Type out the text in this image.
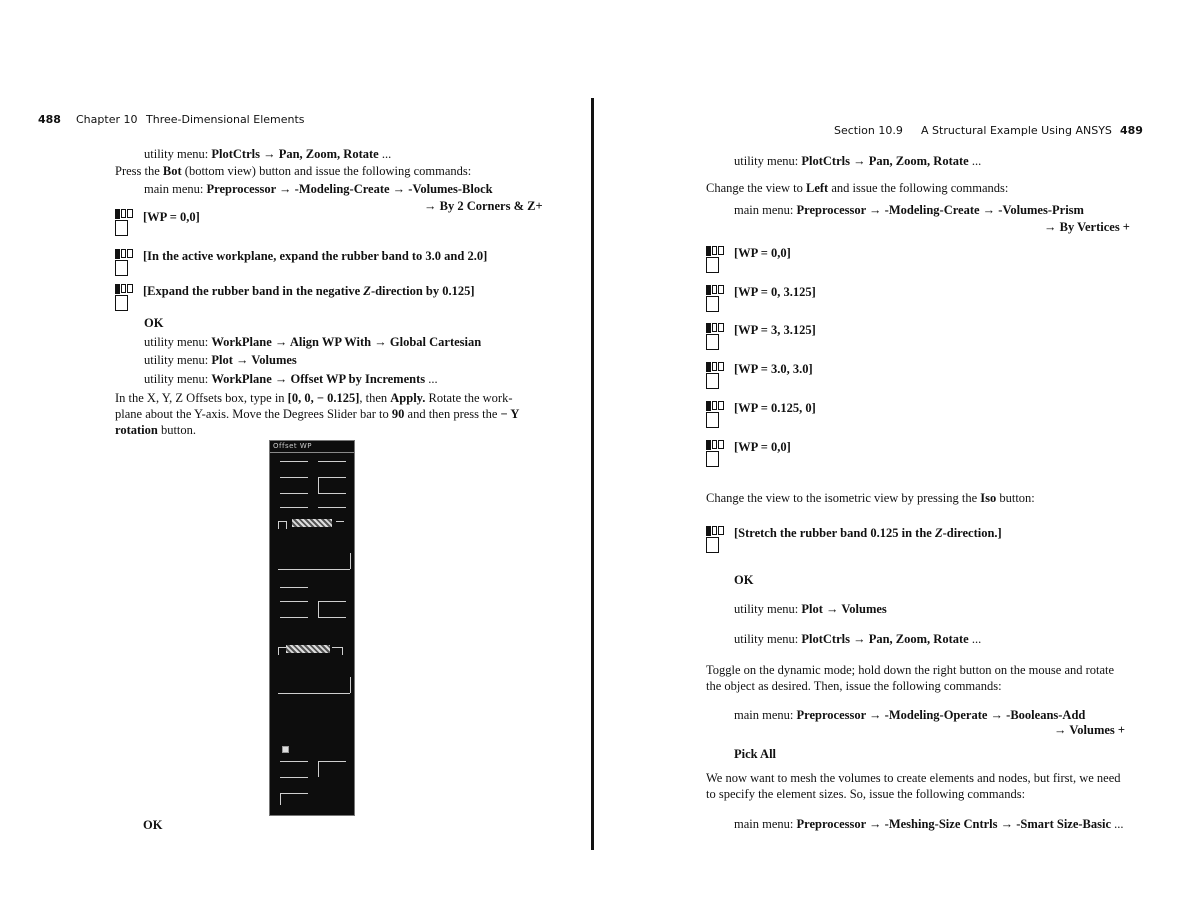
488 Chapter 10 Three-Dimensional Elements
utility menu: PlotCtrls → Pan, Zoom, Rotate ...
Press the Bot (bottom view) button and issue the following commands:
main menu: Preprocessor → -Modeling-Create → -Volumes-Block
→ By 2 Corners & Z+
[WP = 0,0]
[In the active workplane, expand the rubber band to 3.0 and 2.0]
[Expand the rubber band in the negative Z-direction by 0.125]
OK
utility menu: WorkPlane → Align WP With → Global Cartesian
utility menu: Plot → Volumes
utility menu: WorkPlane → Offset WP by Increments ...
In the X, Y, Z Offsets box, type in [0, 0, − 0.125], then Apply. Rotate the work-
plane about the Y-axis. Move the Degrees Slider bar to 90 and then press the − Y
rotation button.
Offset WP
OK
Section 10.9 A Structural Example Using ANSYS 489
utility menu: PlotCtrls → Pan, Zoom, Rotate ...
Change the view to Left and issue the following commands:
main menu: Preprocessor → -Modeling-Create → -Volumes-Prism
→ By Vertices +
[WP = 0,0]
[WP = 0, 3.125]
[WP = 3, 3.125]
[WP = 3.0, 3.0]
[WP = 0.125, 0]
[WP = 0,0]
Change the view to the isometric view by pressing the Iso button:
[Stretch the rubber band 0.125 in the Z-direction.]
OK
utility menu: Plot → Volumes
utility menu: PlotCtrls → Pan, Zoom, Rotate ...
Toggle on the dynamic mode; hold down the right button on the mouse and rotate
the object as desired. Then, issue the following commands:
main menu: Preprocessor → -Modeling-Operate → -Booleans-Add
→ Volumes +
Pick All
We now want to mesh the volumes to create elements and nodes, but first, we need
to specify the element sizes. So, issue the following commands:
main menu: Preprocessor → -Meshing-Size Cntrls → -Smart Size-Basic ...
